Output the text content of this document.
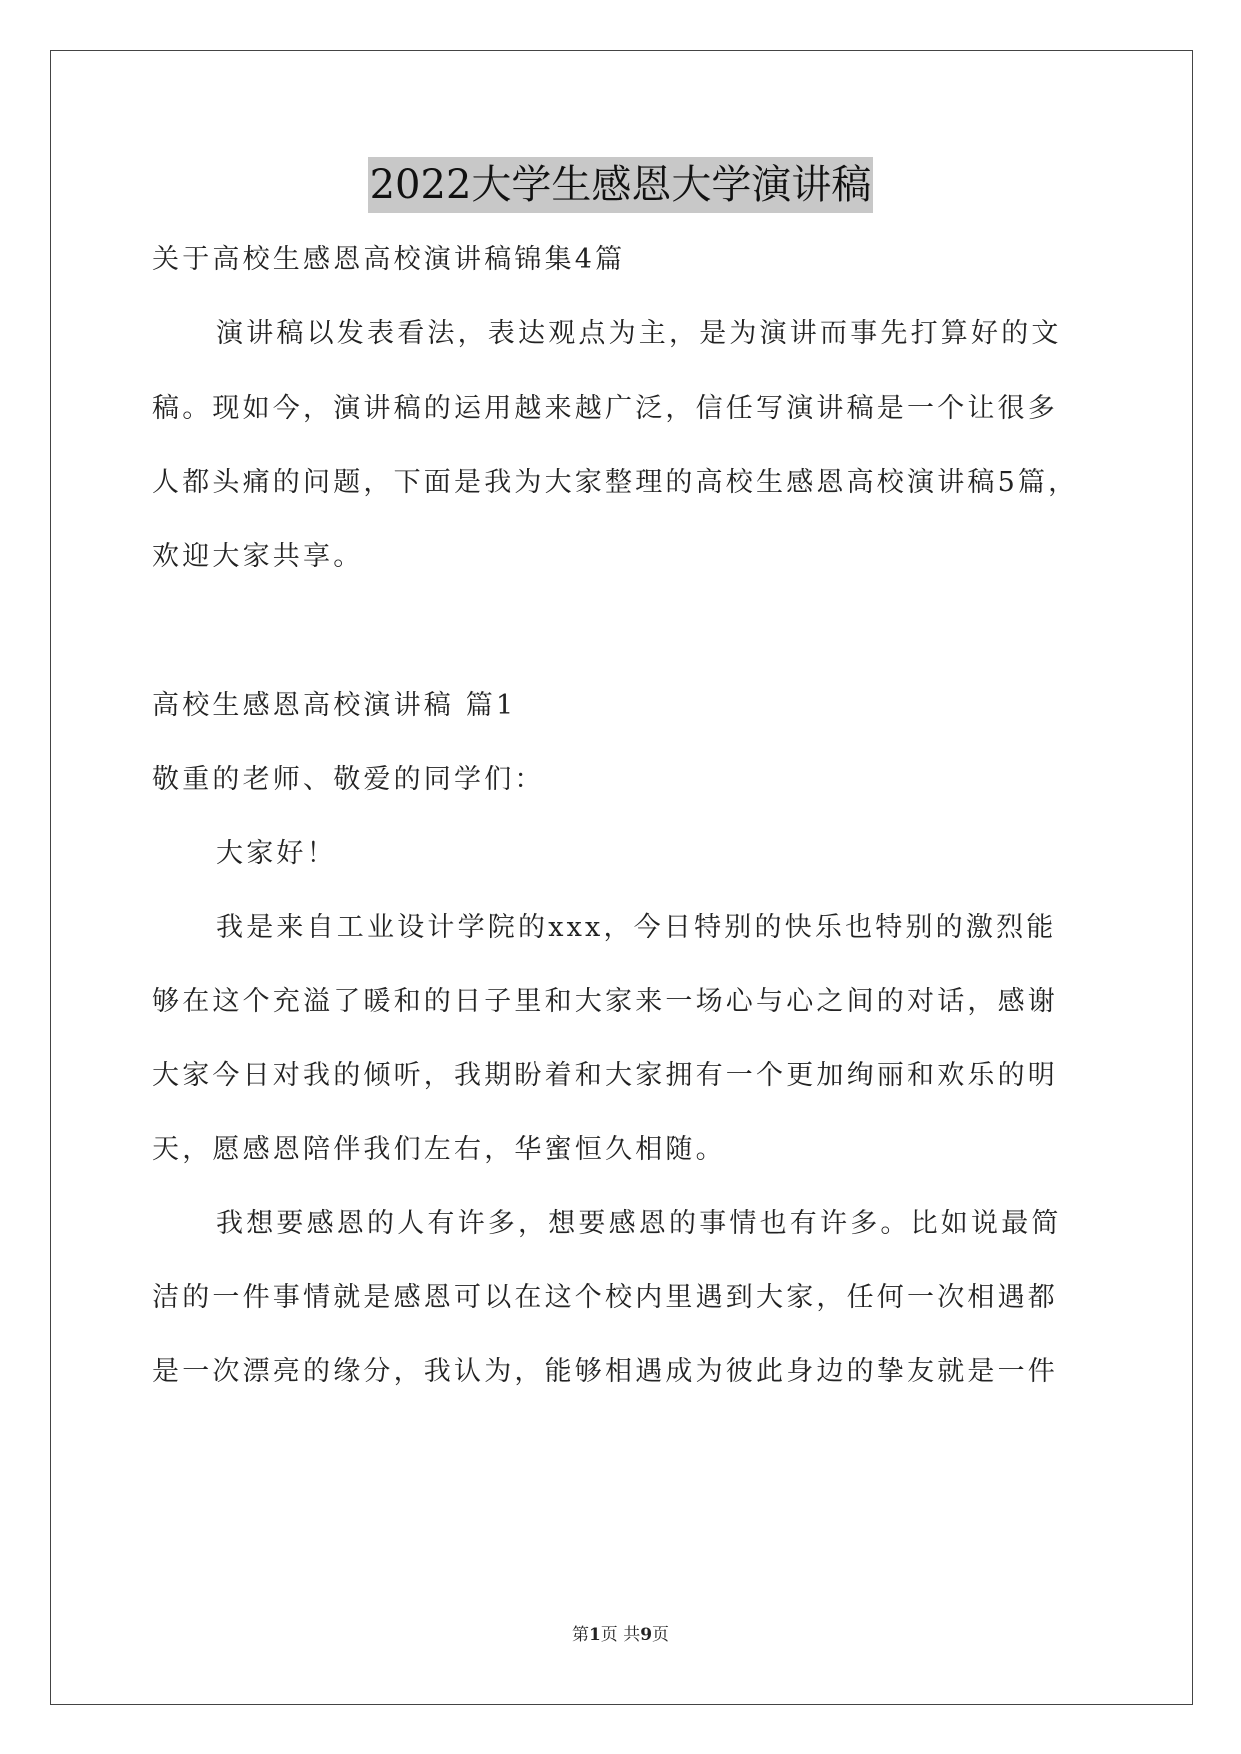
2022大学生感恩大学演讲稿
关于高校生感恩高校演讲稿锦集4篇
演讲稿以发表看法，表达观点为主，是为演讲而事先打算好的文
稿。现如今，演讲稿的运用越来越广泛，信任写演讲稿是一个让很多
人都头痛的问题，下面是我为大家整理的高校生感恩高校演讲稿5篇，
欢迎大家共享。
高校生感恩高校演讲稿 篇1
敬重的老师、敬爱的同学们：
大家好！
我是来自工业设计学院的xxx，今日特别的快乐也特别的激烈能
够在这个充溢了暖和的日子里和大家来一场心与心之间的对话，感谢
大家今日对我的倾听，我期盼着和大家拥有一个更加绚丽和欢乐的明
天，愿感恩陪伴我们左右，华蜜恒久相随。
我想要感恩的人有许多，想要感恩的事情也有许多。比如说最简
洁的一件事情就是感恩可以在这个校内里遇到大家，任何一次相遇都
是一次漂亮的缘分，我认为，能够相遇成为彼此身边的挚友就是一件
第1页 共9页
